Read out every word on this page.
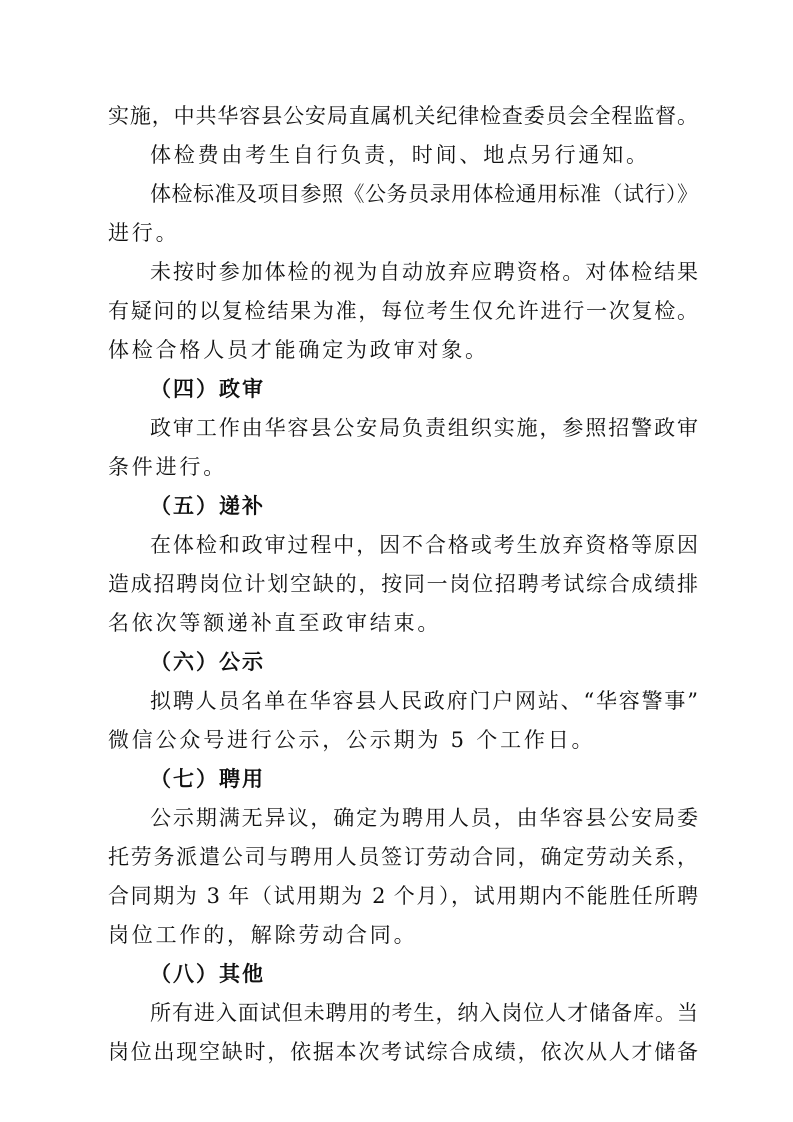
实施，中共华容县公安局直属机关纪律检查委员会全程监督。
体检费由考生自行负责，时间、地点另行通知。
体检标准及项目参照《公务员录用体检通用标准（试行）》
进行。
未按时参加体检的视为自动放弃应聘资格。对体检结果
有疑问的以复检结果为准，每位考生仅允许进行一次复检。
体检合格人员才能确定为政审对象。
（四）政审
政审工作由华容县公安局负责组织实施，参照招警政审
条件进行。
（五）递补
在体检和政审过程中，因不合格或考生放弃资格等原因
造成招聘岗位计划空缺的，按同一岗位招聘考试综合成绩排
名依次等额递补直至政审结束。
（六）公示
拟聘人员名单在华容县人民政府门户网站、“华容警事”
微信公众号进行公示，公示期为 5 个工作日。
（七）聘用
公示期满无异议，确定为聘用人员，由华容县公安局委
托劳务派遣公司与聘用人员签订劳动合同，确定劳动关系，
合同期为 3 年（试用期为 2 个月），试用期内不能胜任所聘
岗位工作的，解除劳动合同。
（八）其他
所有进入面试但未聘用的考生，纳入岗位人才储备库。当
岗位出现空缺时，依据本次考试综合成绩，依次从人才储备
